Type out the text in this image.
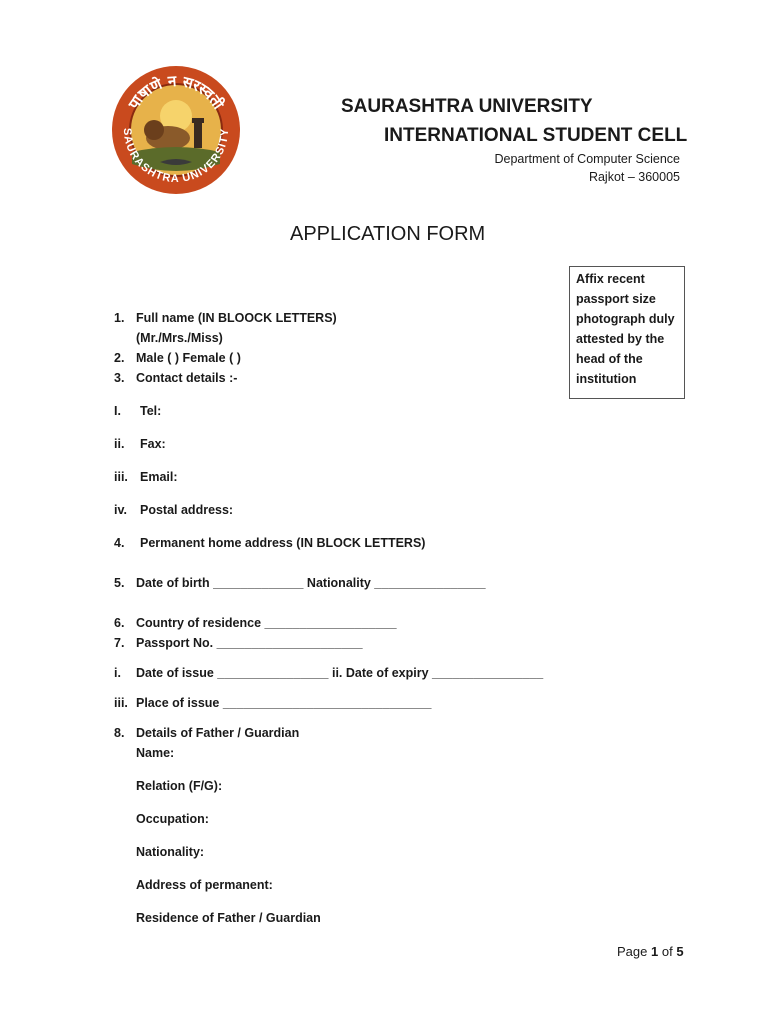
पाषाणे न सरस्वती
SAURASHTRA UNIVERSITY
SAURASHTRA UNIVERSITY
INTERNATIONAL STUDENT CELL
Department of Computer Science
Rajkot – 360005
APPLICATION FORM
Affix recent passport size photograph duly attested by the head of the institution
1. Full name (IN BLOOCK LETTERS)
(Mr./Mrs./Miss)
2. Male ( ) Female ( )
3. Contact details :-
I. Tel:
ii. Fax:
iii. Email:
iv. Postal address:
4. Permanent home address (IN BLOCK LETTERS)
5. Date of birth _____________ Nationality ________________
6. Country of residence ___________________
7. Passport No. _____________________
i. Date of issue ________________ ii. Date of expiry ________________
iii. Place of issue ______________________________
8. Details of Father / Guardian
Name:
Relation (F/G):
Occupation:
Nationality:
Address of permanent:
Residence of Father / Guardian
Page 1 of 5
